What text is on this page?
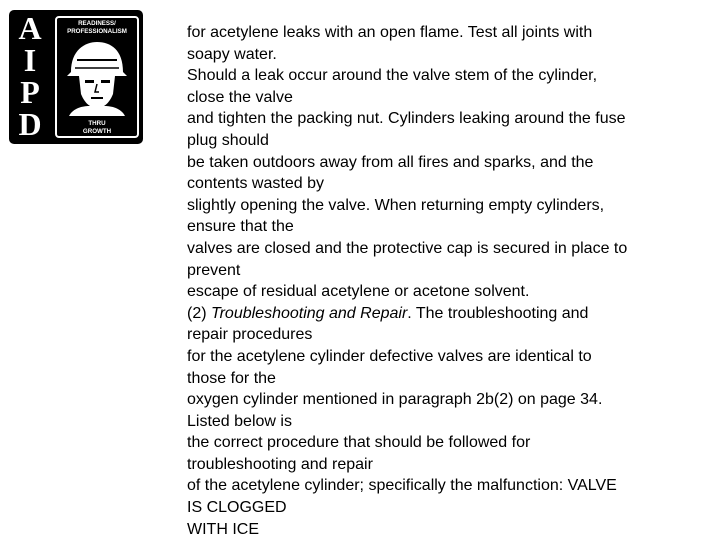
A
I
P
D
READINESS/
PROFESSIONALISM
THRU
GROWTH
for acetylene leaks with an open flame. Test all joints with
soapy water.
Should a leak occur around the valve stem of the cylinder,
close the valve
and tighten the packing nut. Cylinders leaking around the fuse
plug should
be taken outdoors away from all fires and sparks, and the
contents wasted by
slightly opening the valve. When returning empty cylinders,
ensure that the
valves are closed and the protective cap is secured in place to
prevent
escape of residual acetylene or acetone solvent.
(2) Troubleshooting and Repair. The troubleshooting and
repair procedures
for the acetylene cylinder defective valves are identical to
those for the
oxygen cylinder mentioned in paragraph 2b(2) on page 34.
Listed below is
the correct procedure that should be followed for
troubleshooting and repair
of the acetylene cylinder; specifically the malfunction: VALVE
IS CLOGGED
WITH ICE
